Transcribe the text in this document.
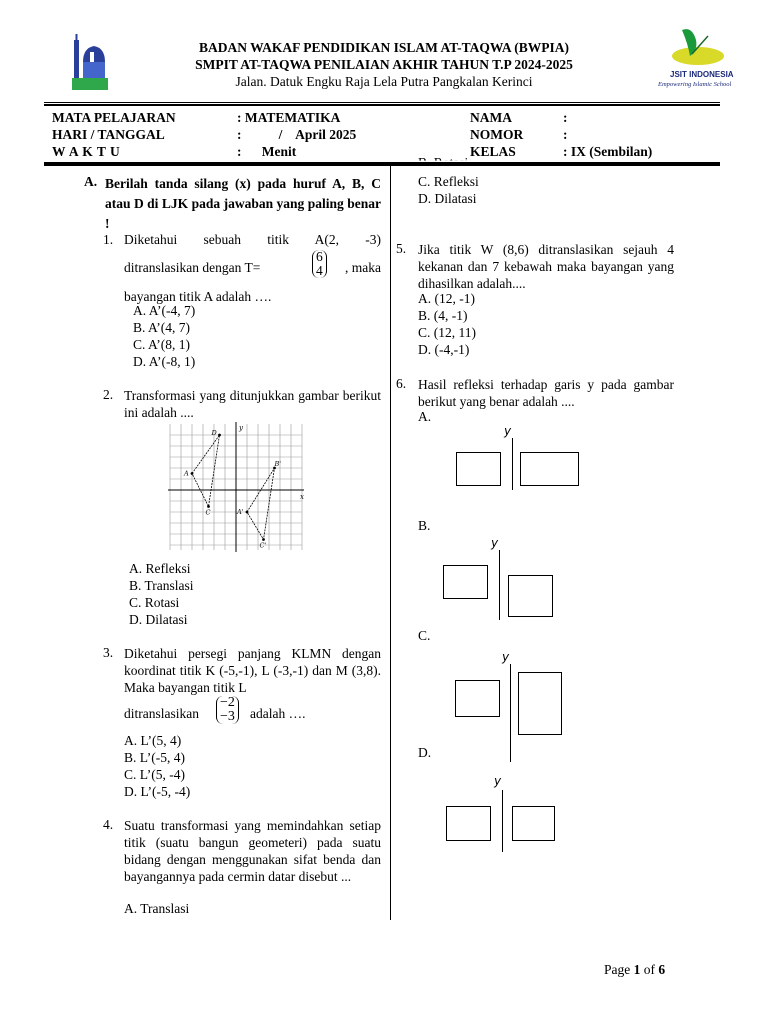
JSIT INDONESIA
Empowering Islamic School
BADAN WAKAF PENDIDIKAN ISLAM AT-TAQWA (BWPIA)
SMPIT AT-TAQWA PENILAIAN AKHIR TAHUN T.P 2024-2025
Jalan. Datuk Engku Raja Lela Putra Pangkalan Kerinci
MATA PELAJARAN	: MATEMATIKA
HARI / TANGGAL	:           /    April 2025
W A K T U	:      Menit
NAMA	:
NOMOR	:
KELAS	: IX (Sembilan)
A. Berilah tanda silang (x) pada huruf A, B, C atau D di LJK pada jawaban yang paling benar !
1. Diketahui sebuah titik A(2, -3)
ditranslasikan dengan T=
6
4 , maka
bayangan titik A adalah ….
A. A’(-4, 7)
B. A’(4, 7)
C. A’(8, 1)
D. A’(-8, 1)
2. Transformasi yang ditunjukkan gambar berikut ini adalah ....
y
x
A
D
C	A'
B'
C'
A. Refleksi
B. Translasi
C. Rotasi
D. Dilatasi
3. Diketahui persegi panjang KLMN dengan koordinat titik K (-5,-1), L (-3,-1) dan M (3,8). Maka bayangan titik L
ditranslasikan
−2
−3 adalah ….
A. L’(5, 4)
B. L’(-5, 4)
C. L’(5, -4)
D. L’(-5, -4)
4. Suatu transformasi yang memindahkan setiap titik (suatu bangun geometeri) pada suatu bidang dengan menggunakan sifat benda dan bayangannya pada cermin datar disebut ...
A. Translasi
C. Refleksi
D. Dilatasi
5. Jika titik W (8,6) ditranslasikan sejauh 4 kekanan dan 7 kebawah maka bayangan yang dihasilkan adalah....
A. (12, -1)
B. (4, -1)
C. (12, 11)
D. (-4,-1)
6. Hasil refleksi terhadap garis y pada gambar berikut yang benar adalah ....
A.
y
B.
y
C.
y
D.
y
Page 1 of 6
